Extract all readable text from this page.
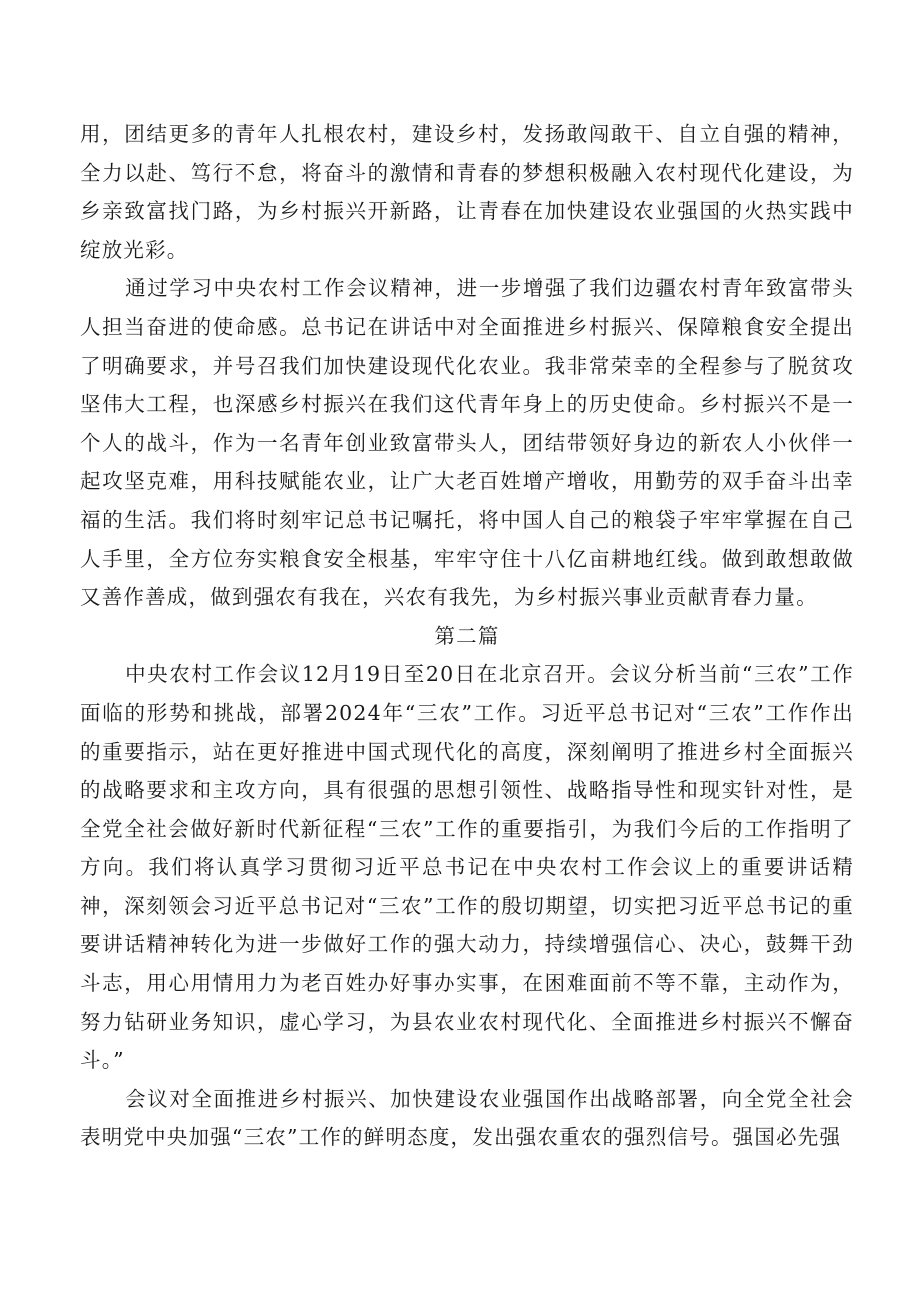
用，团结更多的青年人扎根农村，建设乡村，发扬敢闯敢干、自立自强的精神，全力以赴、笃行不怠，将奋斗的激情和青春的梦想积极融入农村现代化建设，为乡亲致富找门路，为乡村振兴开新路，让青春在加快建设农业强国的火热实践中绽放光彩。

通过学习中央农村工作会议精神，进一步增强了我们边疆农村青年致富带头人担当奋进的使命感。总书记在讲话中对全面推进乡村振兴、保障粮食安全提出了明确要求，并号召我们加快建设现代化农业。我非常荣幸的全程参与了脱贫攻坚伟大工程，也深感乡村振兴在我们这代青年身上的历史使命。乡村振兴不是一个人的战斗，作为一名青年创业致富带头人，团结带领好身边的新农人小伙伴一起攻坚克难，用科技赋能农业，让广大老百姓增产增收，用勤劳的双手奋斗出幸福的生活。我们将时刻牢记总书记嘱托，将中国人自己的粮袋子牢牢掌握在自己人手里，全方位夯实粮食安全根基，牢牢守住十八亿亩耕地红线。做到敢想敢做又善作善成，做到强农有我在，兴农有我先，为乡村振兴事业贡献青春力量。

第二篇

中央农村工作会议12月19日至20日在北京召开。会议分析当前“三农”工作面临的形势和挑战，部署2024年“三农”工作。习近平总书记对“三农”工作作出的重要指示，站在更好推进中国式现代化的高度，深刻阐明了推进乡村全面振兴的战略要求和主攻方向，具有很强的思想引领性、战略指导性和现实针对性，是全党全社会做好新时代新征程“三农”工作的重要指引，为我们今后的工作指明了方向。我们将认真学习贯彻习近平总书记在中央农村工作会议上的重要讲话精神，深刻领会习近平总书记对“三农”工作的殷切期望，切实把习近平总书记的重要讲话精神转化为进一步做好工作的强大动力，持续增强信心、决心，鼓舞干劲斗志，用心用情用力为老百姓办好事办实事，在困难面前不等不靠，主动作为，努力钻研业务知识，虚心学习，为县农业农村现代化、全面推进乡村振兴不懈奋斗。”

会议对全面推进乡村振兴、加快建设农业强国作出战略部署，向全党全社会表明党中央加强“三农”工作的鲜明态度，发出强农重农的强烈信号。强国必先强
